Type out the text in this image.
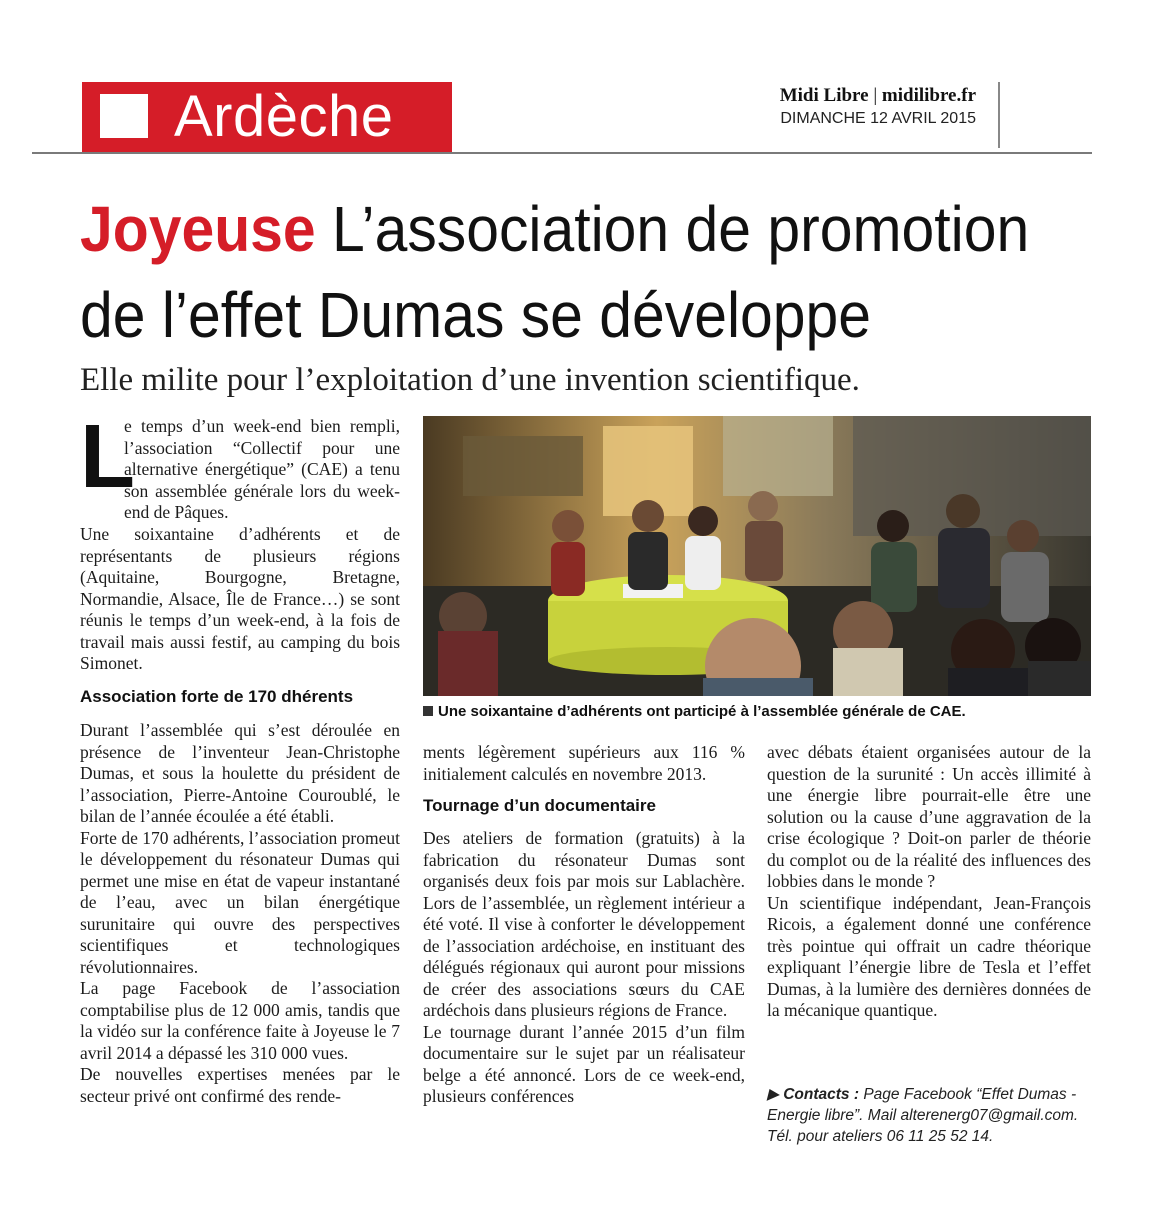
Ardèche	Midi Libre | midilibre.fr
DIMANCHE 12 AVRIL 2015
Joyeuse L’association de promotion
de l’effet Dumas se développe
Elle milite pour l’exploitation d’une invention scientifique.
L

e temps d’un week-end bien rempli, l’association “Collectif pour une alternative énergétique” (CAE) a tenu son assemblée générale lors du week-end de Pâques.

Une soixantaine d’adhérents et de représentants de plusieurs régions (Aquitaine, Bourgogne, Bretagne, Normandie, Alsace, Île de France…) se sont réunis le temps d’un week-end, à la fois de travail mais aussi festif, au camping du bois Simonet.

Association forte de 170 dhérents

Durant l’assemblée qui s’est déroulée en présence de l’inventeur Jean-Christophe Dumas, et sous la houlette du président de l’association, Pierre-Antoine Couroublé, le bilan de l’année écoulée a été établi.

Forte de 170 adhérents, l’association promeut le développement du résonateur Dumas qui permet une mise en état de vapeur instantané de l’eau, avec un bilan énergétique surunitaire qui ouvre des perspectives scientifiques et technologiques révolutionnaires.

La page Facebook de l’association comptabilise plus de 12 000 amis, tandis que la vidéo sur la conférence faite à Joyeuse le 7 avril 2014 a dépassé les 310 000 vues.

De nouvelles expertises menées par le secteur privé ont confirmé des rende-

Une soixantaine d’adhérents ont participé à l’assemblée générale de CAE.

ments légèrement supérieurs aux 116 % initialement calculés en novembre 2013.

Tournage d’un documentaire

Des ateliers de formation (gratuits) à la fabrication du résonateur Dumas sont organisés deux fois par mois sur Lablachère. Lors de l’assemblée, un règlement intérieur a été voté. Il vise à conforter le développement de l’association ardéchoise, en instituant des délégués régionaux qui auront pour missions de créer des associations sœurs du CAE ardéchois dans plusieurs régions de France.

Le tournage durant l’année 2015 d’un film documentaire sur le sujet par un réalisateur belge a été annoncé. Lors de ce week-end, plusieurs conférences

avec débats étaient organisées autour de la question de la surunité : Un accès illimité à une énergie libre pourrait-elle être une solution ou la cause d’une aggravation de la crise écologique ? Doit-on parler de théorie du complot ou de la réalité des influences des lobbies dans le monde ?

Un scientifique indépendant, Jean-François Ricois, a également donné une conférence très pointue qui offrait un cadre théorique expliquant l’énergie libre de Tesla et l’effet Dumas, à la lumière des dernières données de la mécanique quantique.

▶ Contacts : Page Facebook “Effet Dumas - Energie libre”. Mail alterenerg07@gmail.com. Tél. pour ateliers 06 11 25 52 14.
